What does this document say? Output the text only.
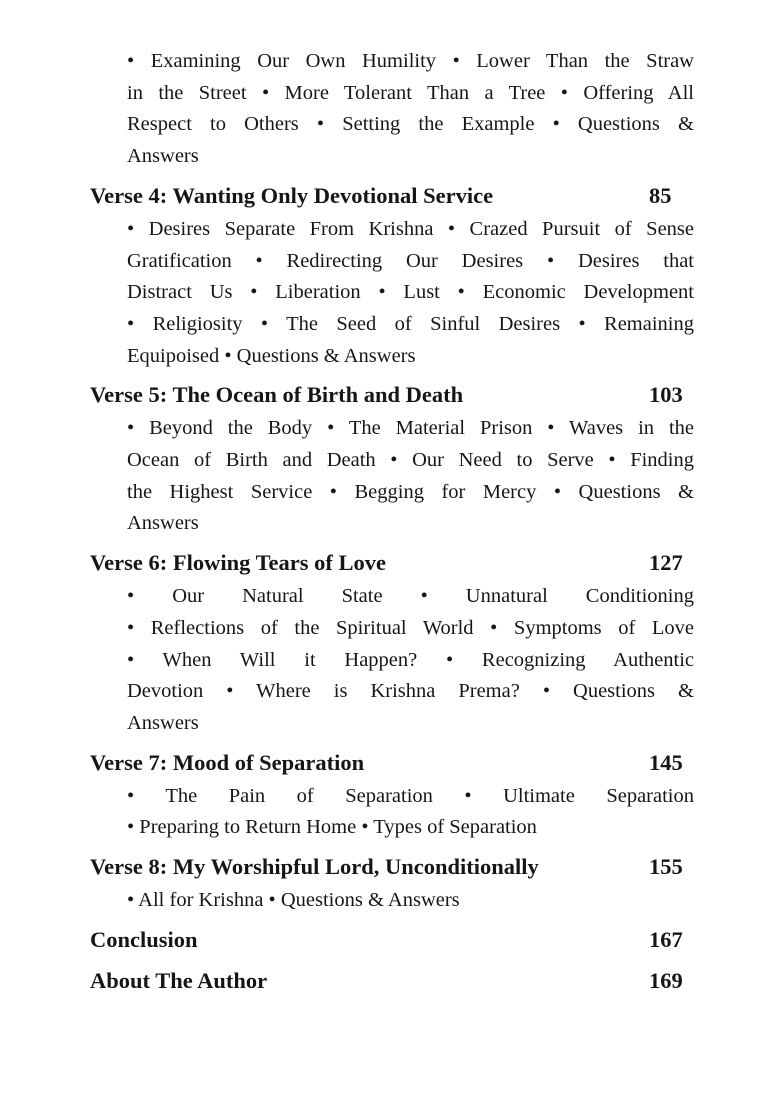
• Examining Our Own Humility • Lower Than the Straw
in the Street • More Tolerant Than a Tree • Offering All
Respect to Others • Setting the Example • Questions &
Answers
Verse 4: Wanting Only Devotional Service	85
• Desires Separate From Krishna • Crazed Pursuit of Sense
Gratification • Redirecting Our Desires • Desires that
Distract Us • Liberation • Lust • Economic Development
• Religiosity • The Seed of Sinful Desires • Remaining
Equipoised • Questions & Answers
Verse 5: The Ocean of Birth and Death	103
• Beyond the Body • The Material Prison • Waves in the
Ocean of Birth and Death • Our Need to Serve • Finding
the Highest Service • Begging for Mercy • Questions &
Answers
Verse 6: Flowing Tears of Love	127
• Our Natural State • Unnatural Conditioning
• Reflections of the Spiritual World • Symptoms of Love
• When Will it Happen? • Recognizing Authentic
Devotion • Where is Krishna Prema? • Questions &
Answers
Verse 7: Mood of Separation	145
• The Pain of Separation • Ultimate Separation
• Preparing to Return Home • Types of Separation
Verse 8: My Worshipful Lord, Unconditionally	155
• All for Krishna • Questions & Answers
Conclusion	167
About The Author	169
